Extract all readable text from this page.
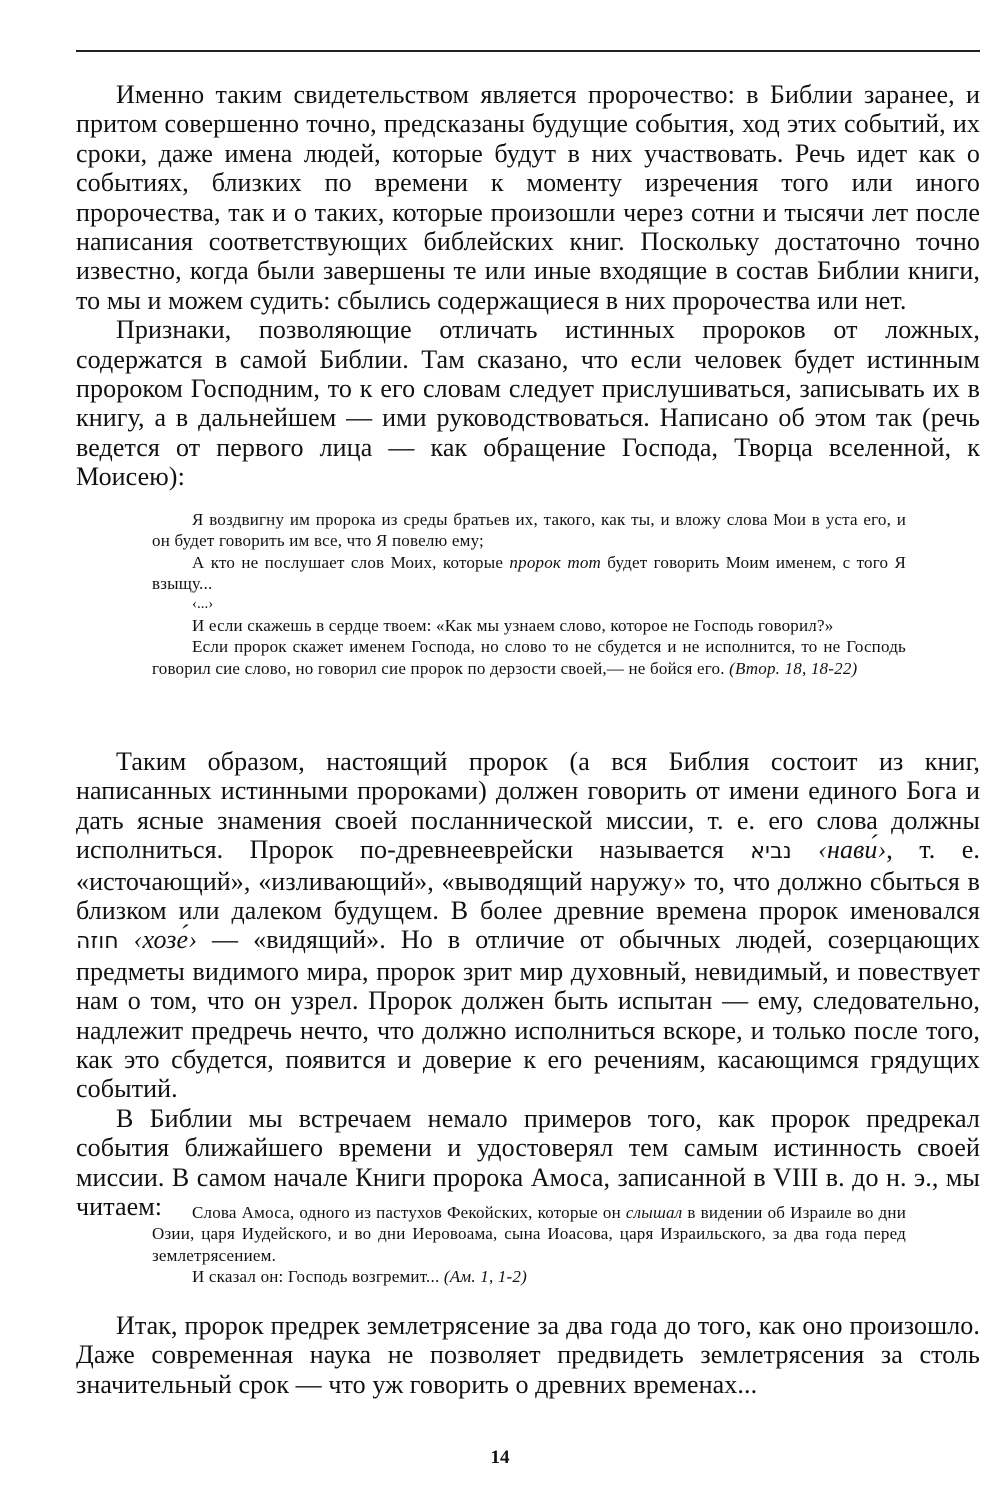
Именно таким свидетельством является пророчество: в Библии заранее, и притом совершенно точно, предсказаны будущие события, ход этих событий, их сроки, даже имена людей, которые будут в них участвовать. Речь идет как о событиях, близких по времени к моменту изречения того или иного пророчества, так и о таких, которые произошли через сотни и тысячи лет после написания соответствующих библейских книг. Поскольку достаточно точно известно, когда были завершены те или иные входящие в состав Библии книги, то мы и можем судить: сбылись содержащиеся в них пророчества или нет.

Признаки, позволяющие отличать истинных пророков от ложных, содержатся в самой Библии. Там сказано, что если человек будет истинным пророком Господним, то к его словам следует прислушиваться, записывать их в книгу, а в дальнейшем — ими руководствоваться. Написано об этом так (речь ведется от первого лица — как обращение Господа, Творца вселенной, к Моисею):

Я воздвигну им пророка из среды братьев их, такого, как ты, и вложу слова Мои в уста его, и он будет говорить им все, что Я повелю ему;

А кто не послушает слов Моих, которые пророк тот будет говорить Моим именем, с того Я взыщу...

‹...›

И если скажешь в сердце твоем: «Как мы узнаем слово, которое не Господь говорил?»

Если пророк скажет именем Господа, но слово то не сбудется и не исполнится, то не Господь говорил сие слово, но говорил сие пророк по дерзости своей,— не бойся его. (Втор. 18, 18-22)

Таким образом, настоящий пророк (а вся Библия состоит из книг, написанных истинными пророками) должен говорить от имени единого Бога и дать ясные знамения своей посланнической миссии, т. е. его слова должны исполниться. Пророк по-древнееврейски называется נביא ‹нави́›, т. е. «источающий», «изливающий», «выводящий наружу» то, что должно сбыться в близком или далеком будущем. В более древние времена пророк именовался חוזה ‹хозе́› — «видящий». Но в отличие от обычных людей, созерцающих предметы видимого мира, пророк зрит мир духовный, невидимый, и повествует нам о том, что он узрел. Пророк должен быть испытан — ему, следовательно, надлежит предречь нечто, что должно исполниться вскоре, и только после того, как это сбудется, появится и доверие к его речениям, касающимся грядущих событий.

В Библии мы встречаем немало примеров того, как пророк предрекал события ближайшего времени и удостоверял тем самым истинность своей миссии. В самом начале Книги пророка Амоса, записанной в VIII в. до н. э., мы читаем:	Слова Амоса, одного из пастухов Фекойских, которые он слышал в видении об Израиле во дни Озии, царя Иудейского, и во дни Иеровоама, сына Иоасова, царя Израильского, за два года перед землетрясением.

И сказал он: Господь возгремит... (Ам. 1, 1-2)

Итак, пророк предрек землетрясение за два года до того, как оно произошло. Даже современная наука не позволяет предвидеть землетрясения за столь значительный срок — что уж говорить о древних временах...

14
